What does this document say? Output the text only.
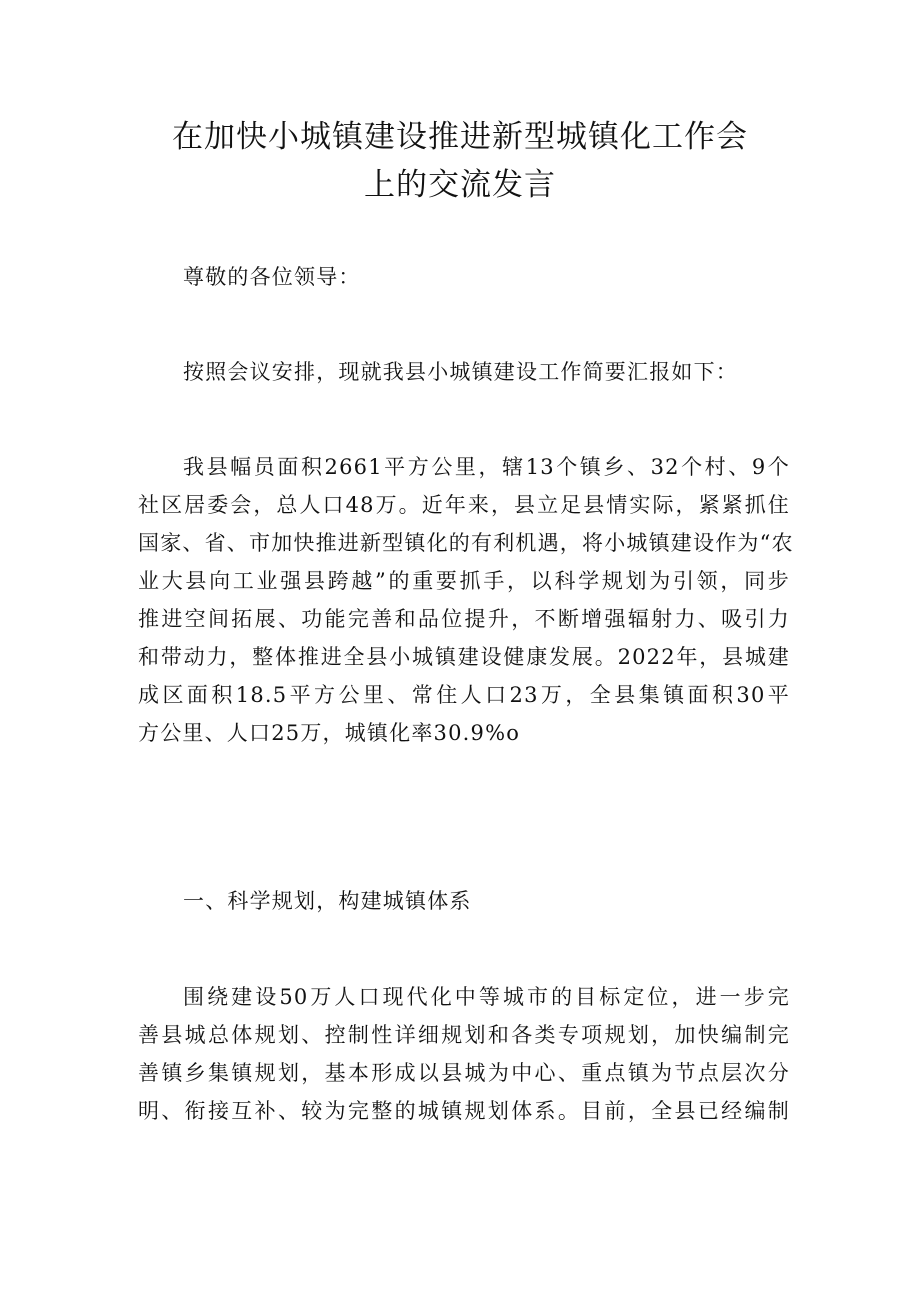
在加快小城镇建设推进新型城镇化工作会
上的交流发言
尊敬的各位领导：
按照会议安排，现就我县小城镇建设工作简要汇报如下：
我县幅员面积2661平方公里，辖13个镇乡、32个村、9个
社区居委会，总人口48万。近年来，县立足县情实际，紧紧抓住
国家、省、市加快推进新型镇化的有利机遇，将小城镇建设作为“农
业大县向工业强县跨越”的重要抓手，以科学规划为引领，同步
推进空间拓展、功能完善和品位提升，不断增强辐射力、吸引力
和带动力，整体推进全县小城镇建设健康发展。2022年，县城建
成区面积18.5平方公里、常住人口23万，全县集镇面积30平
方公里、人口25万，城镇化率30.9%o
一、科学规划，构建城镇体系
围绕建设50万人口现代化中等城市的目标定位，进一步完
善县城总体规划、控制性详细规划和各类专项规划，加快编制完
善镇乡集镇规划，基本形成以县城为中心、重点镇为节点层次分
明、衔接互补、较为完整的城镇规划体系。目前，全县已经编制
